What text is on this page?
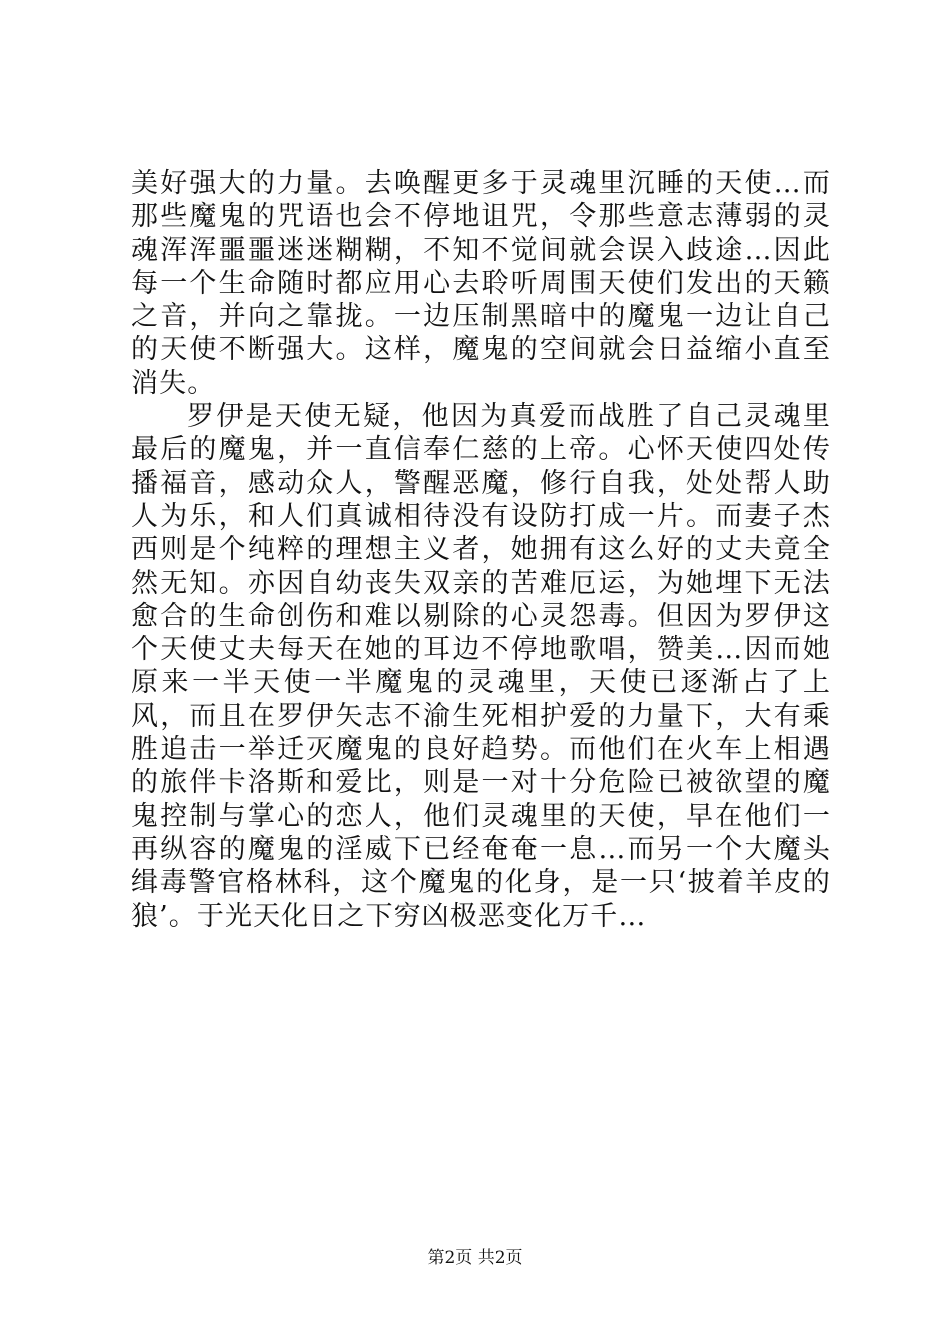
美好强大的力量。去唤醒更多于灵魂里沉睡的天使…而那些魔鬼的咒语也会不停地诅咒，令那些意志薄弱的灵魂浑浑噩噩迷迷糊糊，不知不觉间就会误入歧途…因此每一个生命随时都应用心去聆听周围天使们发出的天籁之音，并向之靠拢。一边压制黑暗中的魔鬼一边让自己的天使不断强大。这样，魔鬼的空间就会日益缩小直至消失。

罗伊是天使无疑，他因为真爱而战胜了自己灵魂里最后的魔鬼，并一直信奉仁慈的上帝。心怀天使四处传播福音，感动众人，警醒恶魔，修行自我，处处帮人助人为乐，和人们真诚相待没有设防打成一片。而妻子杰西则是个纯粹的理想主义者，她拥有这么好的丈夫竟全然无知。亦因自幼丧失双亲的苦难厄运，为她埋下无法愈合的生命创伤和难以剔除的心灵怨毒。但因为罗伊这个天使丈夫每天在她的耳边不停地歌唱，赞美…因而她原来一半天使一半魔鬼的灵魂里，天使已逐渐占了上风，而且在罗伊矢志不渝生死相护爱的力量下，大有乘胜追击一举迁灭魔鬼的良好趋势。而他们在火车上相遇的旅伴卡洛斯和爱比，则是一对十分危险已被欲望的魔鬼控制与掌心的恋人，他们灵魂里的天使，早在他们一再纵容的魔鬼的淫威下已经奄奄一息…而另一个大魔头缉毒警官格林科，这个魔鬼的化身，是一只‘披着羊皮的狼’。于光天化日之下穷凶极恶变化万千…

第2页 共2页
